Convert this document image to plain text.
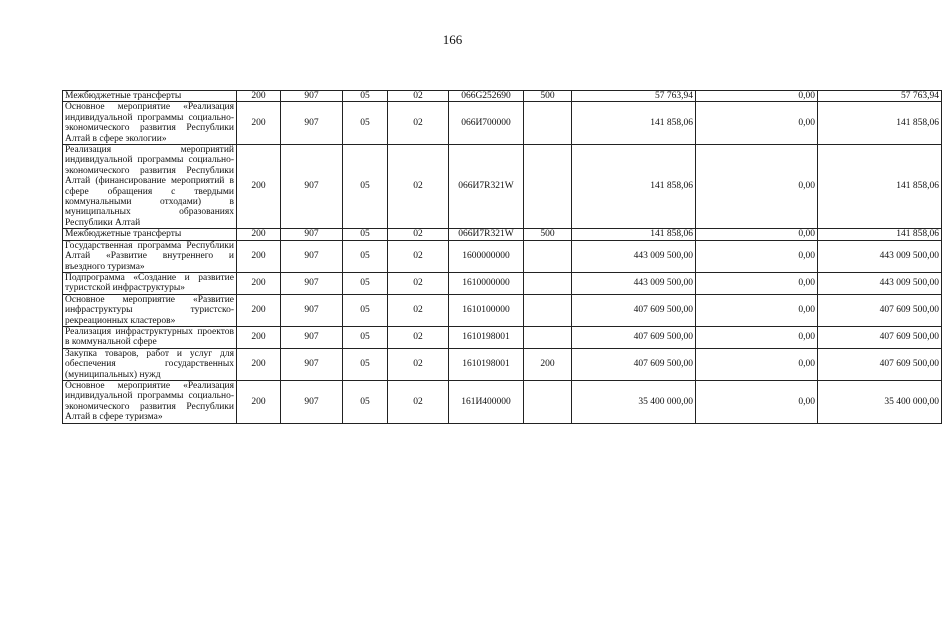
166
Межбюджетные трансферты	200	907	05	02	066G252690	500	57 763,94	0,00	57 763,94
Основное мероприятие «Реализация индивидуальной программы социально-экономического развития Республики Алтай в сфере экологии»	200	907	05	02	066И700000		141 858,06	0,00	141 858,06
Реализация мероприятий индивидуальной программы социально-экономического развития Республики Алтай (финансирование мероприятий в сфере обращения с твердыми коммунальными отходами) в муниципальных образованиях Республики Алтай	200	907	05	02	066И7R321W		141 858,06	0,00	141 858,06
Межбюджетные трансферты	200	907	05	02	066И7R321W	500	141 858,06	0,00	141 858,06
Государственная программа Республики Алтай «Развитие внутреннего и въездного туризма»	200	907	05	02	1600000000		443 009 500,00	0,00	443 009 500,00
Подпрограмма «Создание и развитие туристской инфраструктуры»	200	907	05	02	1610000000		443 009 500,00	0,00	443 009 500,00
Основное мероприятие «Развитие инфраструктуры туристско-рекреационных кластеров»	200	907	05	02	1610100000		407 609 500,00	0,00	407 609 500,00
Реализация инфраструктурных проектов в коммунальной сфере	200	907	05	02	1610198001		407 609 500,00	0,00	407 609 500,00
Закупка товаров, работ и услуг для обеспечения государственных (муниципальных) нужд	200	907	05	02	1610198001	200	407 609 500,00	0,00	407 609 500,00
Основное мероприятие «Реализация индивидуальной программы социально-экономического развития Республики Алтай в сфере туризма»	200	907	05	02	161И400000		35 400 000,00	0,00	35 400 000,00
